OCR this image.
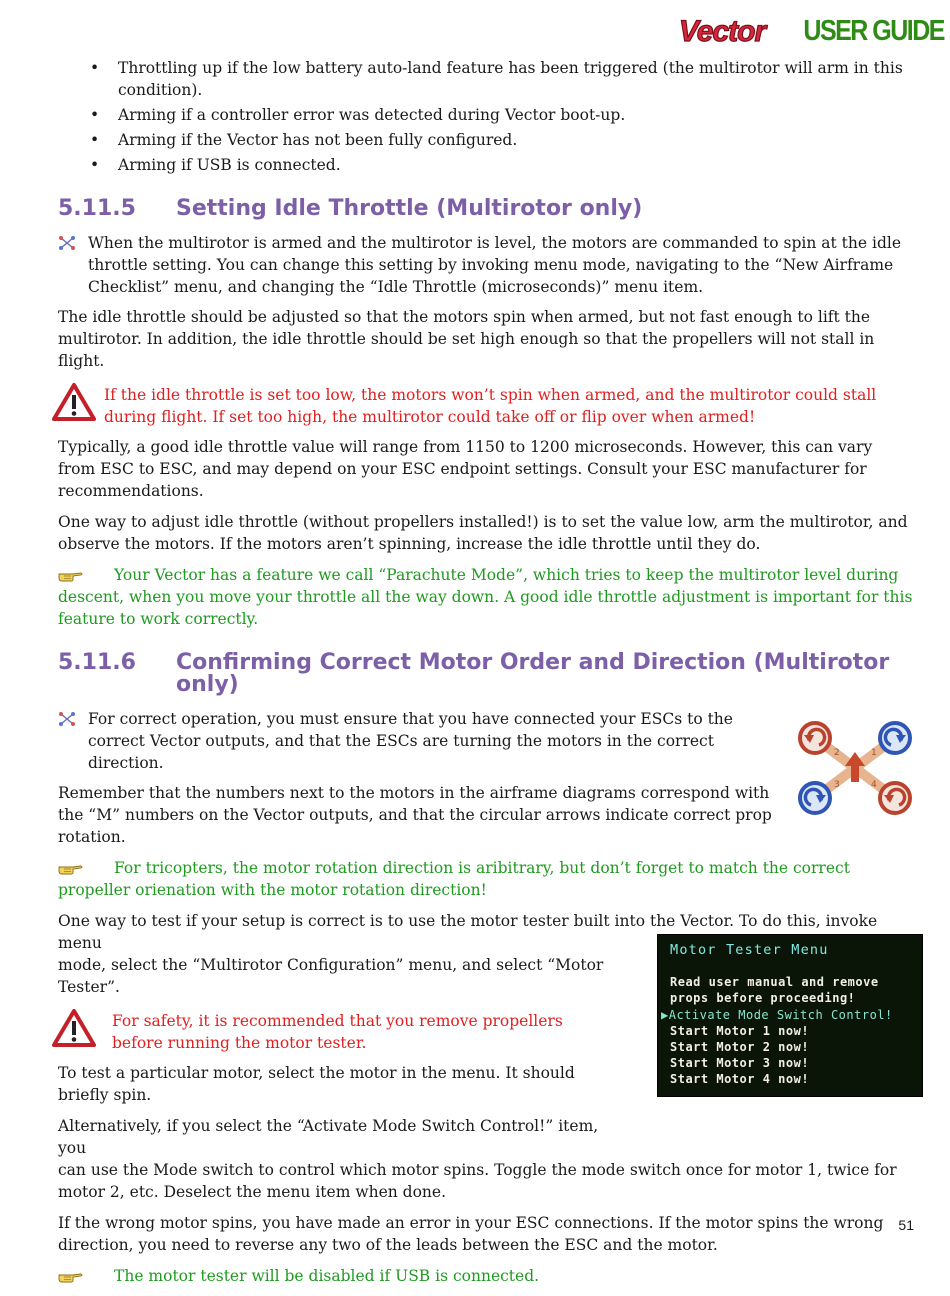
Vector USER GUIDE
• Throttling up if the low battery auto-land feature has been triggered (the multirotor will arm in this condition).
• Arming if a controller error was detected during Vector boot-up.
• Arming if the Vector has not been fully configured.
• Arming if USB is connected.
5.11.5	Setting Idle Throttle (Multirotor only)
When the multirotor is armed and the multirotor is level, the motors are commanded to spin at the idle throttle setting. You can change this setting by invoking menu mode, navigating to the “New Airframe Checklist” menu, and changing the “Idle Throttle (microseconds)” menu item.

The idle throttle should be adjusted so that the motors spin when armed, but not fast enough to lift the multirotor. In addition, the idle throttle should be set high enough so that the propellers will not stall in flight.

If the idle throttle is set too low, the motors won’t spin when armed, and the multirotor could stall during flight. If set too high, the multirotor could take off or flip over when armed!

Typically, a good idle throttle value will range from 1150 to 1200 microseconds. However, this can vary from ESC to ESC, and may depend on your ESC endpoint settings. Consult your ESC manufacturer for recommendations.

One way to adjust idle throttle (without propellers installed!) is to set the value low, arm the multirotor, and observe the motors. If the motors aren’t spinning, increase the idle throttle until they do.

Your Vector has a feature we call “Parachute Mode”, which tries to keep the multirotor level during descent, when you move your throttle all the way down. A good idle throttle adjustment is important for this feature to work correctly.

5.11.6	Confirming Correct Motor Order and Direction (Multirotor only)
For correct operation, you must ensure that you have connected your ESCs to the correct Vector outputs, and that the ESCs are turning the motors in the correct direction.

Remember that the numbers next to the motors in the airframe diagrams correspond with the “M” numbers on the Vector outputs, and that the circular arrows indicate correct prop rotation.

2	1
3	4

For tricopters, the motor rotation direction is aribitrary, but don’t forget to match the correct propeller orienation with the motor rotation direction!

One way to test if your setup is correct is to use the motor tester built into the Vector. To do this, invoke menu	Motor Tester Menu
Read user manual and remove
props before proceeding!
▶Activate Mode Switch Control!
Start Motor 1 now!
Start Motor 2 now!
Start Motor 3 now!
Start Motor 4 now!

mode, select the “Multirotor Configuration” menu, and select “Motor Tester”.

For safety, it is recommended that you remove propellers before running the motor tester.

To test a particular motor, select the motor in the menu. It should briefly spin.

Alternatively, if you select the “Activate Mode Switch Control!” item, you

can use the Mode switch to control which motor spins. Toggle the mode switch once for motor 1, twice for motor 2, etc. Deselect the menu item when done.

If the wrong motor spins, you have made an error in your ESC connections. If the motor spins the wrong direction, you need to reverse any two of the leads between the ESC and the motor.

The motor tester will be disabled if USB is connected.

51
